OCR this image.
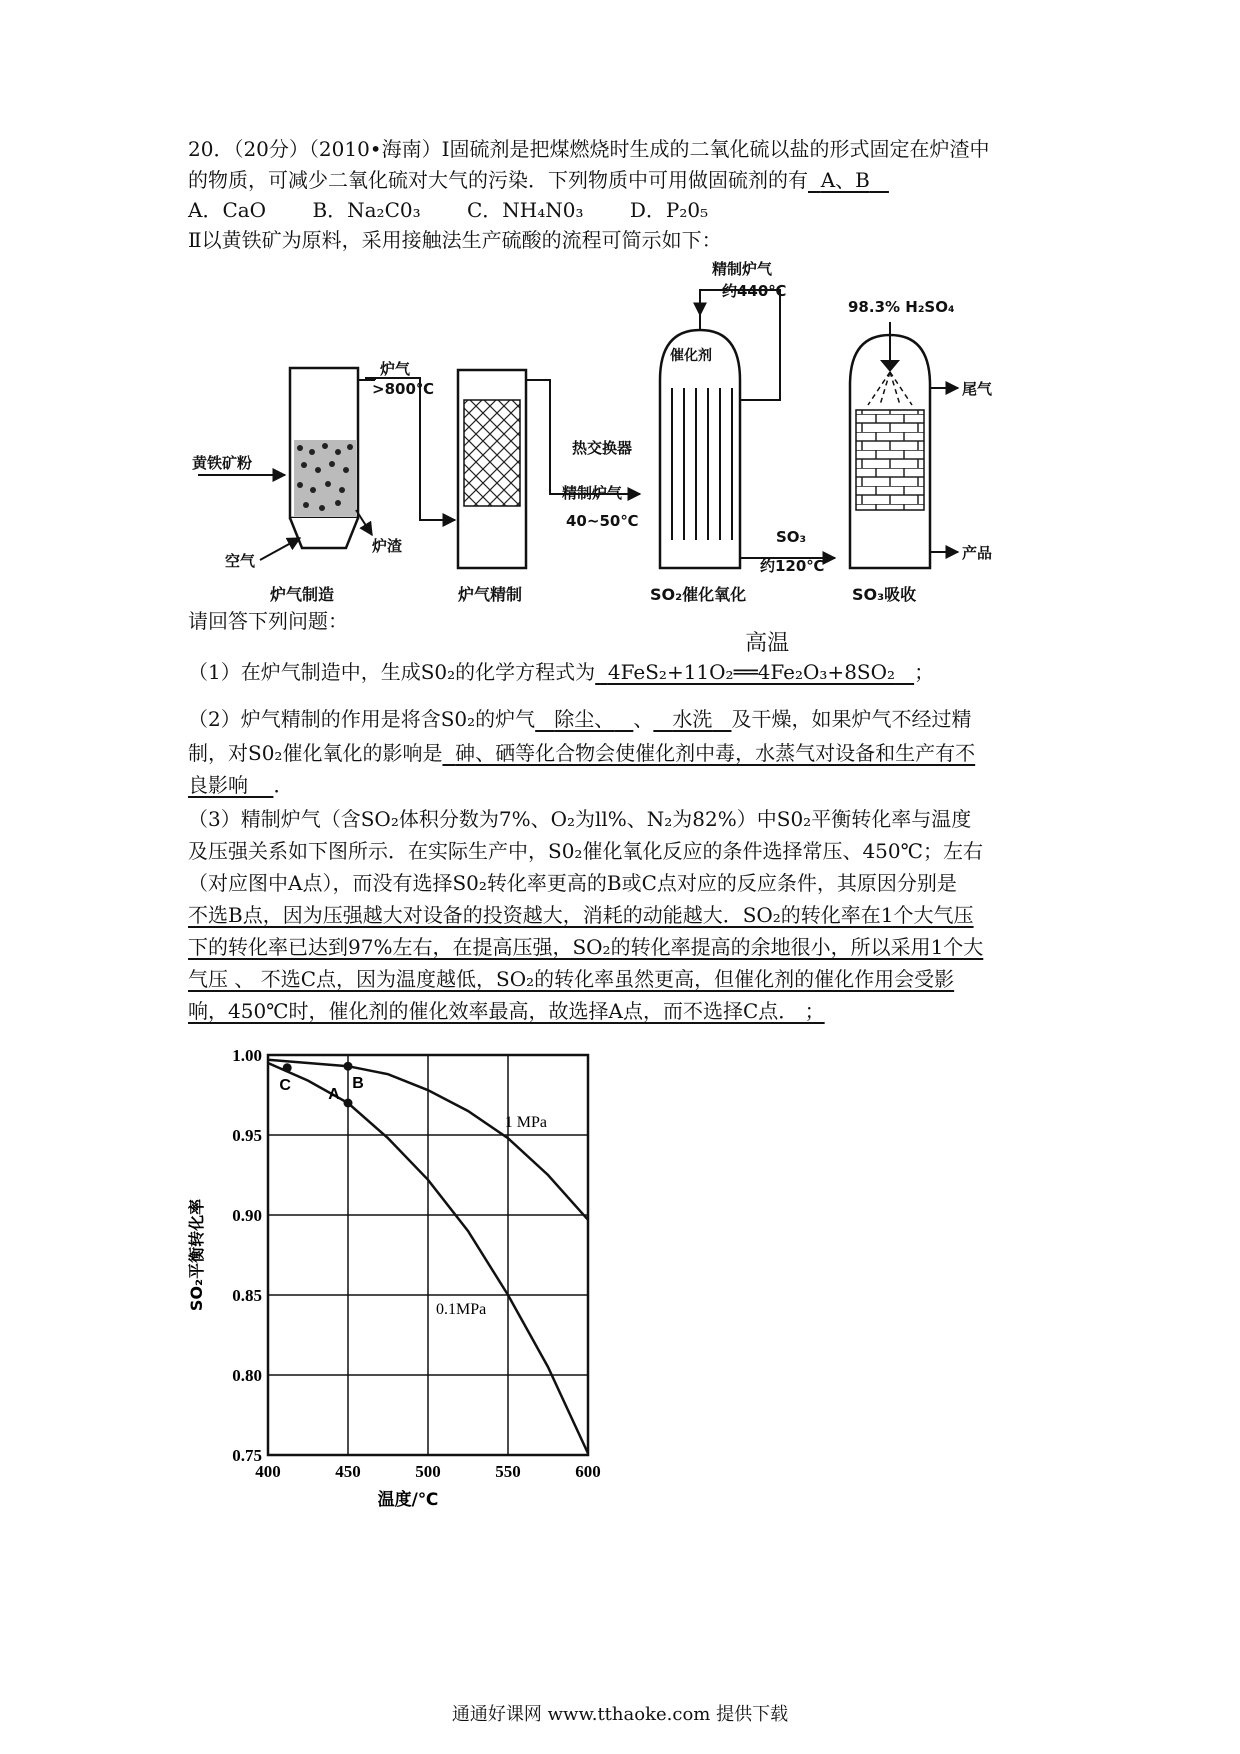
20．（20分）（2010•海南）Ⅰ固硫剂是把煤燃烧时生成的二氧化硫以盐的形式固定在炉渣中
的物质，可减少二氧化硫对大气的污染．下列物质中可用做固硫剂的有 A、B
A．CaO B．Na₂C0₃ C．NH₄N0₃ D．P₂0₅
Ⅱ以黄铁矿为原料，采用接触法生产硫酸的流程可简示如下：
炉气
>800℃
黄铁矿粉
空气
炉渣
精制炉气
约440℃
催化剂
热交换器
精制炉气
40~50℃
SO₃
约120℃
98.3% H₂SO₄
尾气
产品
炉气制造	炉气精制	SO₂催化氧化	SO₃吸收
请回答下列问题：
（1）在炉气制造中，生成S0₂的化学方程式为 4FeS₂+11O₂══4Fe₂O₃+8SO₂
高温
；
（2）炉气精制的作用是将含S0₂的炉气 除尘、 、 水洗 及干燥，如果炉气不经过精
制，对S0₂催化氧化的影响是 砷、硒等化合物会使催化剂中毒，水蒸气对设备和生产有不
良影响 ．
（3）精制炉气（含SO₂体积分数为7%、O₂为ll%、N₂为82%）中S0₂平衡转化率与温度
及压强关系如下图所示．在实际生产中，S0₂催化氧化反应的条件选择常压、450℃；左右
（对应图中A点），而没有选择S0₂转化率更高的B或C点对应的反应条件，其原因分别是
不选B点，因为压强越大对设备的投资越大，消耗的动能越大．SO₂的转化率在1个大气压
下的转化率已达到97%左右，在提高压强，SO₂的转化率提高的余地很小，所以采用1个大
气压 、 不选C点，因为温度越低，SO₂的转化率虽然更高，但催化剂的催化作用会受影
响，450℃时，催化剂的催化效率最高，故选择A点，而不选择C点． ；
400	450	500	550	600
1.00
0.95
0.90
0.85
0.80
0.75
温度/℃
SO₂平衡转化率
1 MPa
0.1MPa
C	B
A
通通好课网 www.tthaoke.com 提供下载
